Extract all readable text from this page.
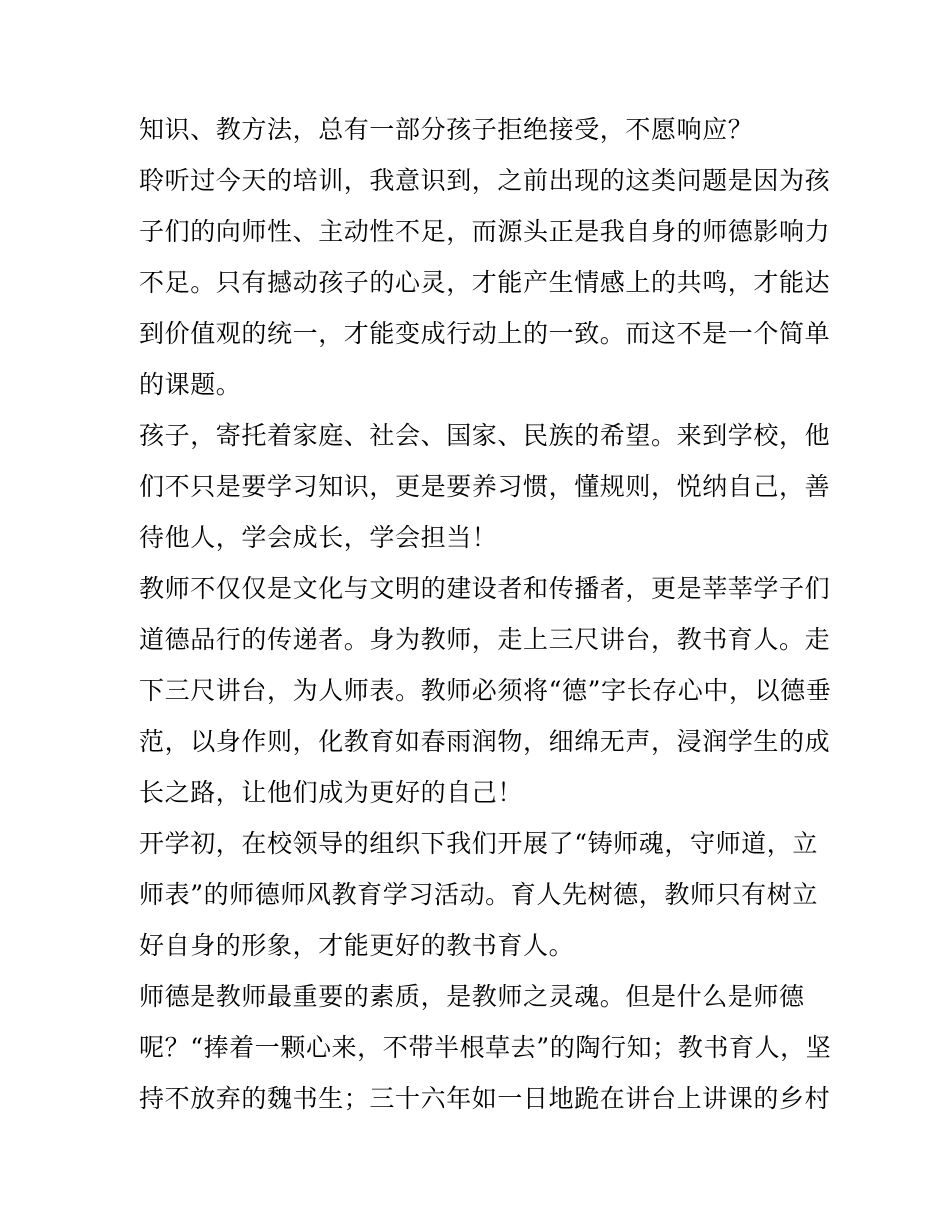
知识、教方法，总有一部分孩子拒绝接受，不愿响应？
聆听过今天的培训，我意识到，之前出现的这类问题是因为孩
子们的向师性、主动性不足，而源头正是我自身的师德影响力
不足。只有撼动孩子的心灵，才能产生情感上的共鸣，才能达
到价值观的统一，才能变成行动上的一致。而这不是一个简单
的课题。
孩子，寄托着家庭、社会、国家、民族的希望。来到学校，他
们不只是要学习知识，更是要养习惯，懂规则，悦纳自己，善
待他人，学会成长，学会担当！
教师不仅仅是文化与文明的建设者和传播者，更是莘莘学子们
道德品行的传递者。身为教师，走上三尺讲台，教书育人。走
下三尺讲台，为人师表。教师必须将“德”字长存心中，以德垂
范，以身作则，化教育如春雨润物，细绵无声，浸润学生的成
长之路，让他们成为更好的自己！
开学初，在校领导的组织下我们开展了“铸师魂，守师道，立
师表”的师德师风教育学习活动。育人先树德，教师只有树立
好自身的形象，才能更好的教书育人。
师德是教师最重要的素质，是教师之灵魂。但是什么是师德
呢？“捧着一颗心来，不带半根草去”的陶行知；教书育人，坚
持不放弃的魏书生；三十六年如一日地跪在讲台上讲课的乡村
